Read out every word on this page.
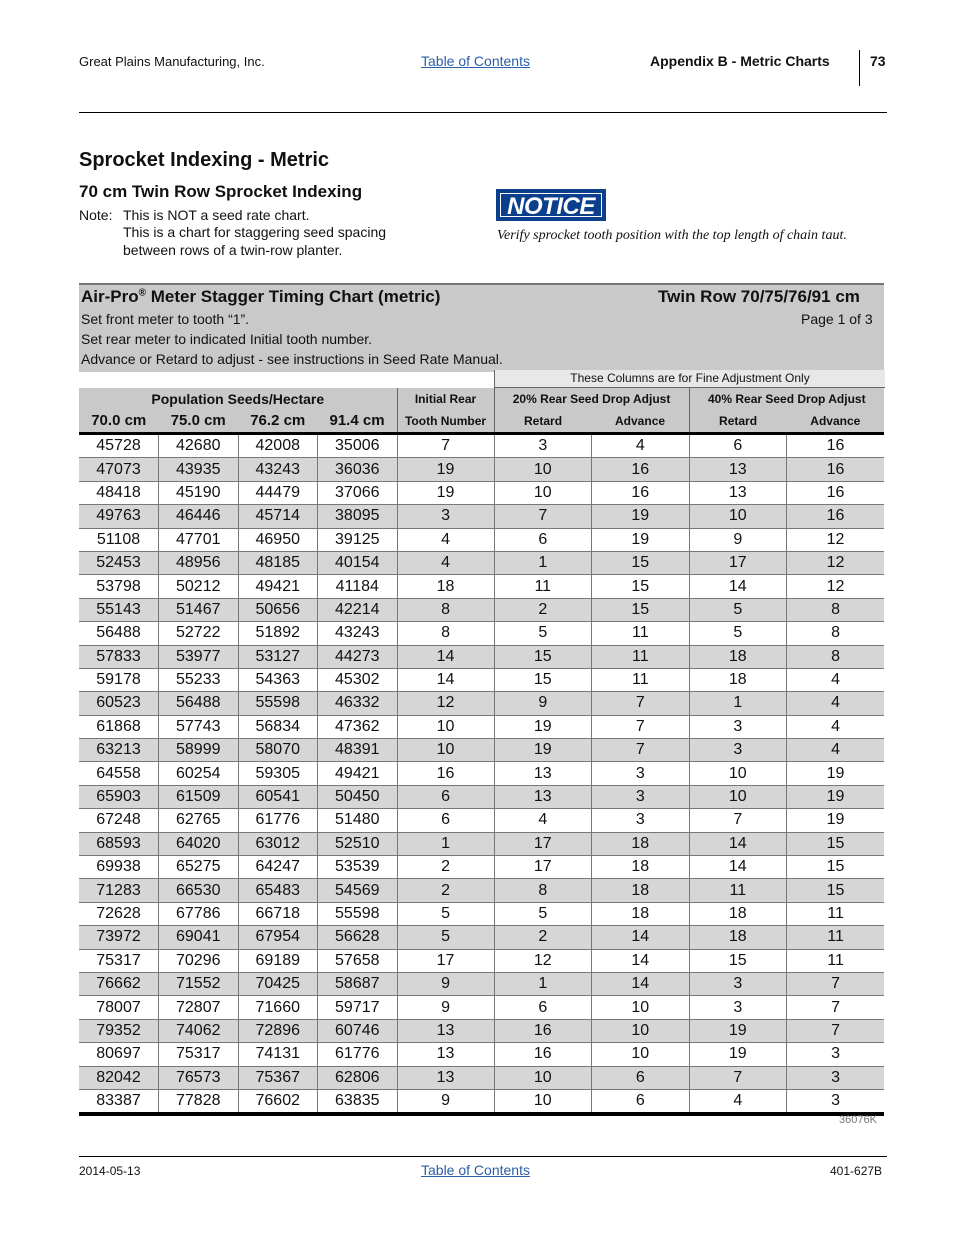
Great Plains Manufacturing, Inc.	Table of Contents	Appendix B - Metric Charts	73
Sprocket Indexing - Metric
70 cm Twin Row Sprocket Indexing
Note: This is NOT a seed rate chart.
This is a chart for staggering seed spacing
between rows of a twin-row planter.
NOTICE
Verify sprocket tooth position with the top length of chain taut.
Air-Pro® Meter Stagger Timing Chart (metric)	Twin Row 70/75/76/91 cm
Set front meter to tooth “1”.	Page 1 of 3
Set rear meter to indicated Initial tooth number.
Advance or Retard to adjust - see instructions in Seed Rate Manual.
These Columns are for Fine Adjustment Only
Population Seeds/Hectare				Initial Rear	20% Rear Seed Drop Adjust		40% Rear Seed Drop Adjust	
70.0 cm	75.0 cm	76.2 cm	91.4 cm	Tooth Number	Retard	Advance	Retard	Advance
45728	42680	42008	35006	7	3	4	6	16
47073	43935	43243	36036	19	10	16	13	16
48418	45190	44479	37066	19	10	16	13	16
49763	46446	45714	38095	3	7	19	10	16
51108	47701	46950	39125	4	6	19	9	12
52453	48956	48185	40154	4	1	15	17	12
53798	50212	49421	41184	18	11	15	14	12
55143	51467	50656	42214	8	2	15	5	8
56488	52722	51892	43243	8	5	11	5	8
57833	53977	53127	44273	14	15	11	18	8
59178	55233	54363	45302	14	15	11	18	4
60523	56488	55598	46332	12	9	7	1	4
61868	57743	56834	47362	10	19	7	3	4
63213	58999	58070	48391	10	19	7	3	4
64558	60254	59305	49421	16	13	3	10	19
65903	61509	60541	50450	6	13	3	10	19
67248	62765	61776	51480	6	4	3	7	19
68593	64020	63012	52510	1	17	18	14	15
69938	65275	64247	53539	2	17	18	14	15
71283	66530	65483	54569	2	8	18	11	15
72628	67786	66718	55598	5	5	18	18	11
73972	69041	67954	56628	5	2	14	18	11
75317	70296	69189	57658	17	12	14	15	11
76662	71552	70425	58687	9	1	14	3	7
78007	72807	71660	59717	9	6	10	3	7
79352	74062	72896	60746	13	16	10	19	7
80697	75317	74131	61776	13	16	10	19	3
82042	76573	75367	62806	13	10	6	7	3
83387	77828	76602	63835	9	10	6	4	3
36076K
2014-05-13	Table of Contents	401-627B
